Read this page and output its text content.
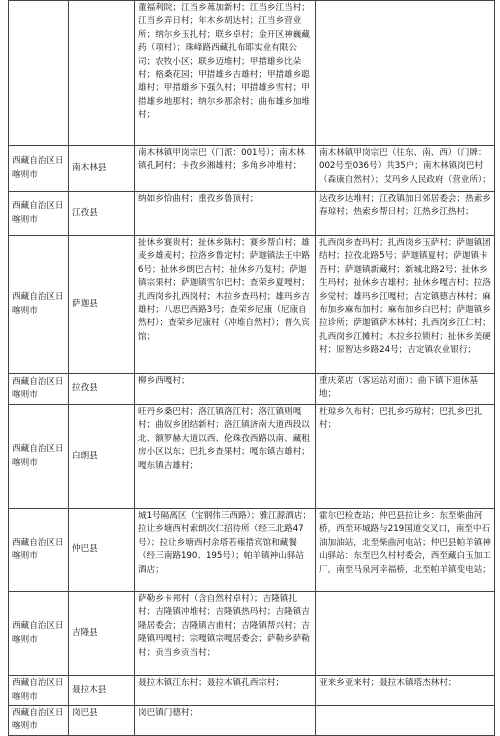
		董福利院；江当乡茀加新村；江当乡江当村；江当乡弄日村；年木乡胡达村；江当乡营业所；纳尔乡玉扎村；联乡卓村；金开区神巍藏药（项村）；珠峰路西藏扎布耶实业有限公司；农牧小区；联乡迈堆村；甲措雄乡比朵村；格桑花园；甲措雄乡吉雄村；甲措雄乡聪雄村；甲措雄乡下强久村；甲措雄乡雪村；甲措雄乡地那村；纳尔乡那余村；曲布雄乡加堆村；	
西藏自治区日喀则市	南木林县	南木林镇甲岗宗巴（门派：001号）；南木林镇孔阿村；卡孜乡湘雄村；多角乡冲堆村；	南木林镇甲岗宗巴（往东、南、西）（门牌：002号至036号）共35户；南木林镇岗巴村（森康自然村）；艾玛乡人民政府（营业所）；
西藏自治区日喀则市	江孜县	纳如乡恰曲村；重孜乡鲁顶村；	达孜乡达堆村；江孜镇加日郊居委会；热索乡春琼村；热索乡帮日村；江热乡江热村；
西藏自治区日喀则市	萨迦县	扯休乡赛贵村；扯休乡陈村；赛乡帮白村；雄麦乡雄麦村；拉洛乡鲁定村；萨迦镇法王中路6号；扯休乡朗巴吉村；扯休乡乃复村；萨迦镇宗果村；萨迦镇雪尔巴村；查荣乡夏嘎村；扎西岗乡扎西岗村；木拉乡查玛村；雄玛乡吉雄村；八思巴西路3号；查荣乡尼康（尼康自然村）；查荣乡尼康村（冲堆自然村）；普久宾馆；	扎西岗乡查玛村；扎西岗乡玉萨村；萨迦镇团结村；拉孜北路5号；萨迦镇夏村；萨迦镇卡吾村；萨迦镇新藏村；新城北路2号；扯休乡生玛村；扯休乡吉雄村；扯休乡嘎吉村；拉洛乡觉村；雄玛乡江嘎村；吉定镇德吉林村；麻布加乡麻布加村；麻布加乡白巴村；萨迦镇乡拉诊所；萨迦镇萨木林村；扎西岗乡江仁村；扎西岗乡江摊村；木拉乡拉锁村；扯休乡美硬村；原智达乡路24号；吉定镇农业银行；
西藏自治区日喀则市	拉孜县	柳乡西嘎村；	重庆菜店（客运站对面）；曲下镇下退休基地；
西藏自治区日喀则市	白朗县	旺丹乡桑巴村；洛江镇洛江村；洛江镇则嘎村；曲奴乡团结新村；洛江镇济南大道西段以北、额罗赫大道以西、伦珠孜西路以南、藏租房小区以东；巴扎乡查果村；嘎东镇吉雄村；嘎东镇吉雄村；	杜琼乡久布村；巴扎乡巧琼村；巴扎乡巴扎村；
西藏自治区日喀则市	仲巴县	城1号隔离区（宝钢伟三西路）；雅江源酒店；拉让乡塘西村索朗次仁招待所（经三北路47号）；拉让乡塘西村余塔若雍措宾馆和藏餐（经三南路190、195号）；帕羊镇神山驿站酒店；	霍尔巴检查站；仲巴县拉让乡：东至柴曲河桥，西至环城路与219国道交叉口，南至中石油加油站，北至柴曲河电站；仲巴县帕羊镇神山驿站：东至巴久村村委会，西至藏白玉加工厂，南至马泉河幸福桥，北至帕羊镇变电站；
西藏自治区日喀则市	吉隆县	萨勒乡卡邦村（含自然村卓村）；吉隆镇扎村；吉隆镇冲堆村；吉隆镇热玛村；吉隆镇吉隆居委会；吉隆镇吉甫村；吉隆镇帮兴村；吉隆镇玛嘎村；宗嘎镇宗嘎居委会；萨勒乡萨勒村；贡当乡贡当村；	
西藏自治区日喀则市	聂拉木县	聂拉木镇江东村；聂拉木镇孔西宗村；	亚来乡亚来村；聂拉木镇塔杰林村；
西藏自治区日喀则市	岗巴县	岗巴镇门德村；	
